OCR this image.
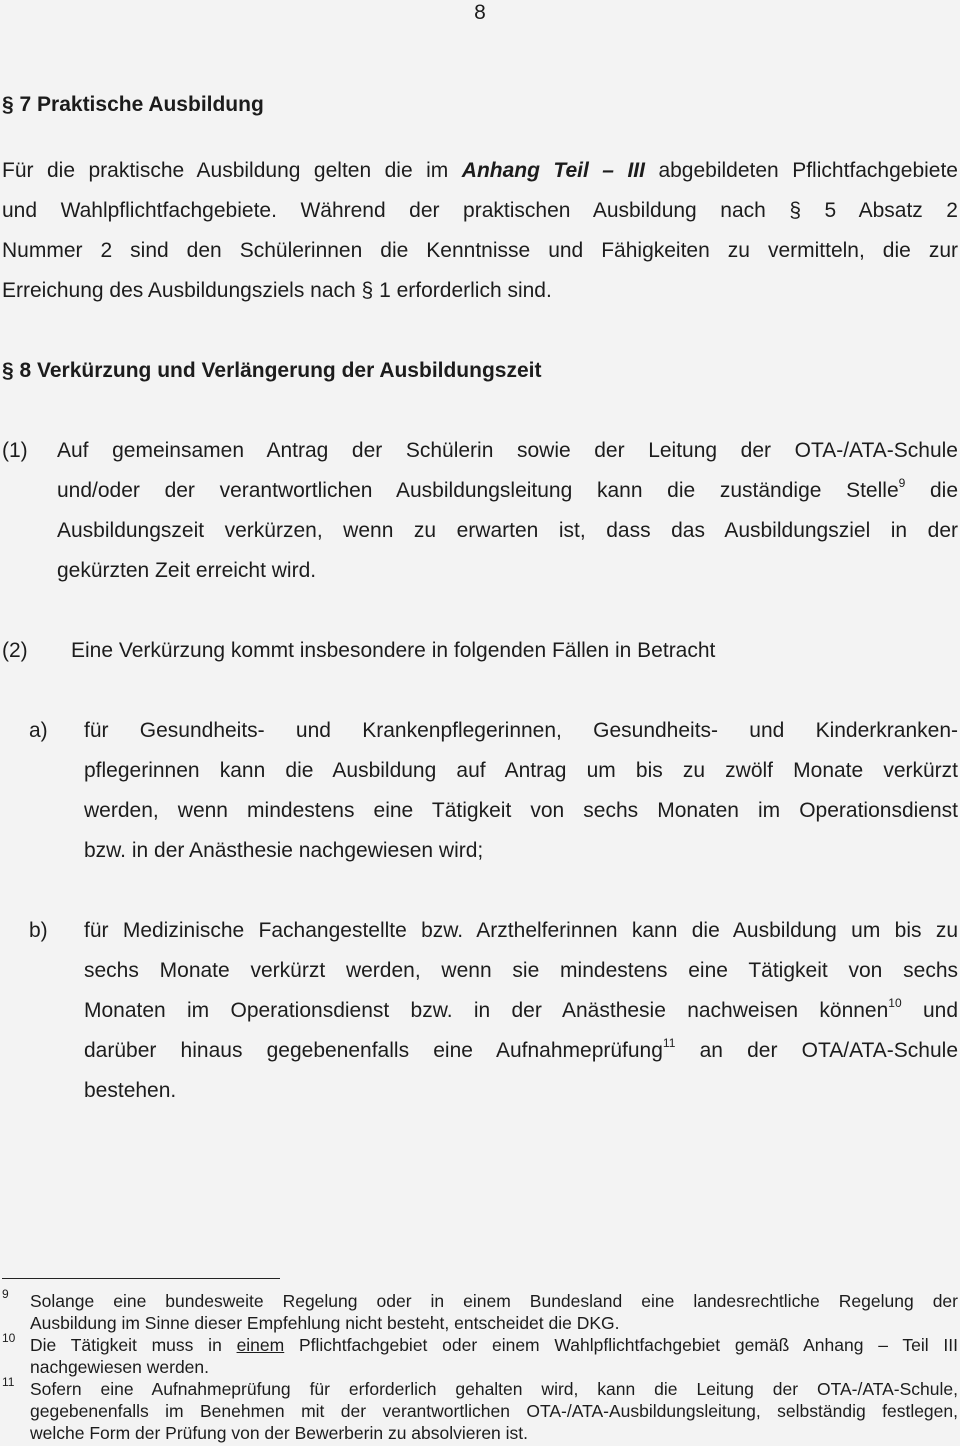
8
§ 7 Praktische Ausbildung
Für die praktische Ausbildung gelten die im Anhang Teil – III abgebildeten Pflichtfachgebiete
und Wahlpflichtfachgebiete. Während der praktischen Ausbildung nach § 5 Absatz 2
Nummer 2 sind den Schülerinnen die Kenntnisse und Fähigkeiten zu vermitteln, die zur
Erreichung des Ausbildungsziels nach § 1 erforderlich sind.
§ 8 Verkürzung und Verlängerung der Ausbildungszeit
(1) Auf gemeinsamen Antrag der Schülerin sowie der Leitung der OTA-/ATA-Schule
und/oder der verantwortlichen Ausbildungsleitung kann die zuständige Stelle$^9$ die
Ausbildungszeit verkürzen, wenn zu erwarten ist, dass das Ausbildungsziel in der
gekürzten Zeit erreicht wird.
(2) Eine Verkürzung kommt insbesondere in folgenden Fällen in Betracht
a) für Gesundheits- und Krankenpflegerinnen, Gesundheits- und Kinderkranken-
pflegerinnen kann die Ausbildung auf Antrag um bis zu zwölf Monate verkürzt
werden, wenn mindestens eine Tätigkeit von sechs Monaten im Operationsdienst
bzw. in der Anästhesie nachgewiesen wird;
b) für Medizinische Fachangestellte bzw. Arzthelferinnen kann die Ausbildung um bis zu
sechs Monate verkürzt werden, wenn sie mindestens eine Tätigkeit von sechs
Monaten im Operationsdienst bzw. in der Anästhesie nachweisen können$^{10}$ und
darüber hinaus gegebenenfalls eine Aufnahmeprüfung$^{11}$ an der OTA/ATA-Schule
bestehen.
9 Solange eine bundesweite Regelung oder in einem Bundesland eine landesrechtliche Regelung der
Ausbildung im Sinne dieser Empfehlung nicht besteht, entscheidet die DKG.
10 Die Tätigkeit muss in einem Pflichtfachgebiet oder einem Wahlpflichtfachgebiet gemäß Anhang – Teil III
nachgewiesen werden.
11 Sofern eine Aufnahmeprüfung für erforderlich gehalten wird, kann die Leitung der OTA-/ATA-Schule,
gegebenenfalls im Benehmen mit der verantwortlichen OTA-/ATA-Ausbildungsleitung, selbständig festlegen,
welche Form der Prüfung von der Bewerberin zu absolvieren ist.
